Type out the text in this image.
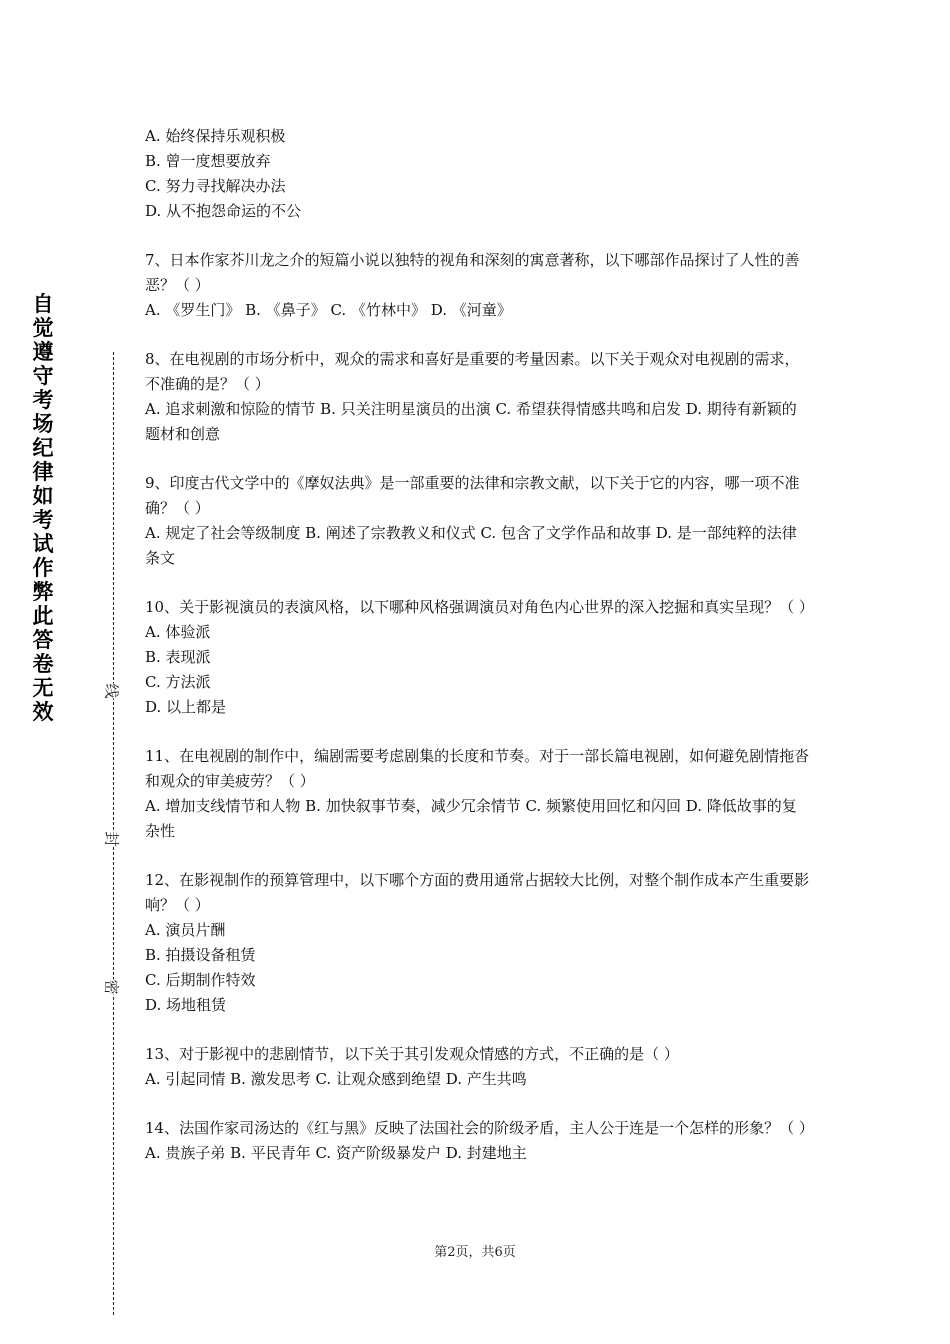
自觉遵守考场纪律如考试作弊此答卷无效
线
封
密

A. 始终保持乐观积极

B. 曾一度想要放弃

C. 努力寻找解决办法

D. 从不抱怨命运的不公

7、日本作家芥川龙之介的短篇小说以独特的视角和深刻的寓意著称，以下哪部作品探讨了人性的善恶？（ ）

A. 《罗生门》 B. 《鼻子》 C. 《竹林中》 D. 《河童》

8、在电视剧的市场分析中，观众的需求和喜好是重要的考量因素。以下关于观众对电视剧的需求，不准确的是？（ ）

A. 追求刺激和惊险的情节 B. 只关注明星演员的出演 C. 希望获得情感共鸣和启发 D. 期待有新颖的题材和创意

9、印度古代文学中的《摩奴法典》是一部重要的法律和宗教文献，以下关于它的内容，哪一项不准确？（ ）

A. 规定了社会等级制度 B. 阐述了宗教教义和仪式 C. 包含了文学作品和故事 D. 是一部纯粹的法律条文

10、关于影视演员的表演风格，以下哪种风格强调演员对角色内心世界的深入挖掘和真实呈现？（ ）

A. 体验派

B. 表现派

C. 方法派

D. 以上都是

11、在电视剧的制作中，编剧需要考虑剧集的长度和节奏。对于一部长篇电视剧，如何避免剧情拖沓和观众的审美疲劳？（ ）

A. 增加支线情节和人物 B. 加快叙事节奏，减少冗余情节 C. 频繁使用回忆和闪回 D. 降低故事的复杂性

12、在影视制作的预算管理中，以下哪个方面的费用通常占据较大比例，对整个制作成本产生重要影响？（ ）

A. 演员片酬

B. 拍摄设备租赁

C. 后期制作特效

D. 场地租赁

13、对于影视中的悲剧情节，以下关于其引发观众情感的方式，不正确的是（ ）

A. 引起同情 B. 激发思考 C. 让观众感到绝望 D. 产生共鸣

14、法国作家司汤达的《红与黑》反映了法国社会的阶级矛盾，主人公于连是一个怎样的形象？（ ）

A. 贵族子弟 B. 平民青年 C. 资产阶级暴发户 D. 封建地主

第2页，共6页
